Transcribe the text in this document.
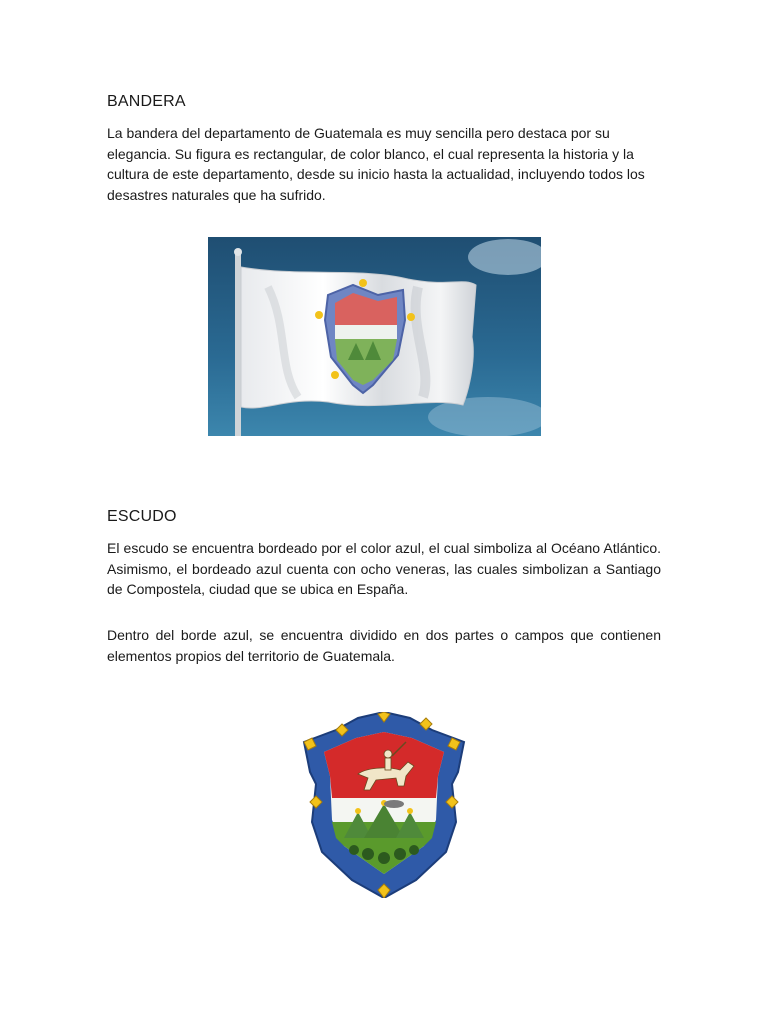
BANDERA

La bandera del departamento de Guatemala es muy sencilla pero destaca por su elegancia. Su figura es rectangular, de color blanco, el cual representa la historia y la cultura de este departamento, desde su inicio hasta la actualidad, incluyendo todos los desastres naturales que ha sufrido.

ESCUDO

El escudo se encuentra bordeado por el color azul, el cual simboliza al Océano Atlántico. Asimismo, el bordeado azul cuenta con ocho veneras, las cuales simbolizan a Santiago de Compostela, ciudad que se ubica en España.

Dentro del borde azul, se encuentra dividido en dos partes o campos que contienen elementos propios del territorio de Guatemala.
